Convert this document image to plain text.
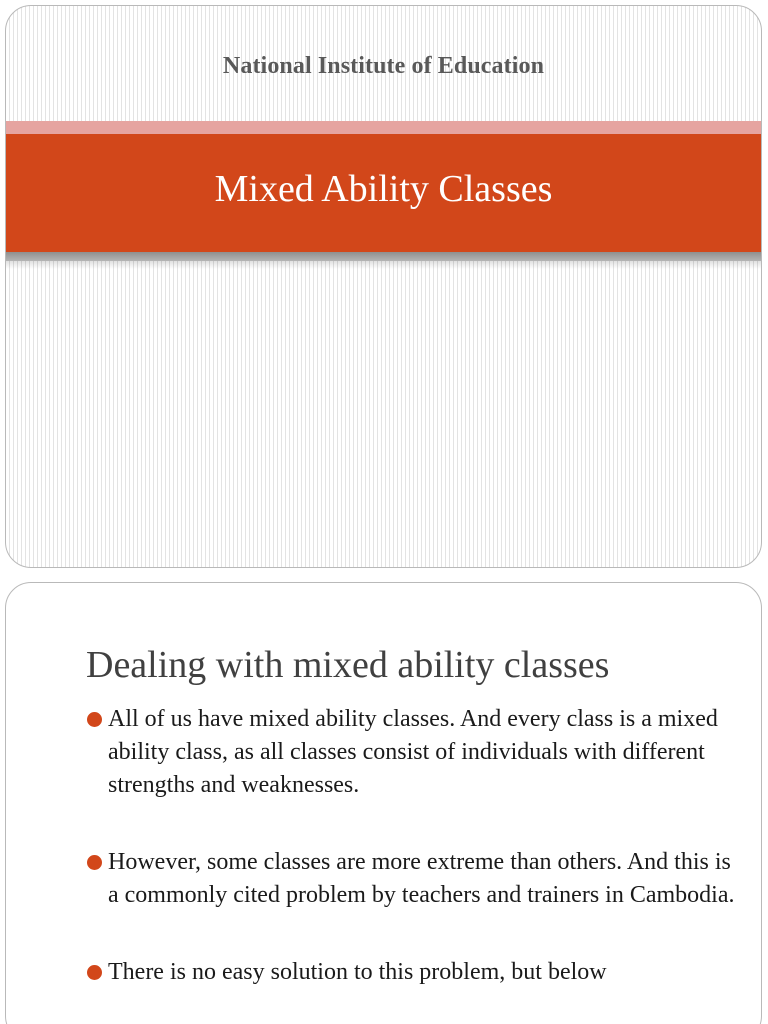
National Institute of Education
Mixed Ability Classes
Dealing with mixed ability classes
All of us have mixed ability classes. And every class is a mixed ability class, as all classes consist of individuals with different strengths and weaknesses.
However, some classes are more extreme than others. And this is a commonly cited problem by teachers and trainers in Cambodia.
There is no easy solution to this problem, but below
